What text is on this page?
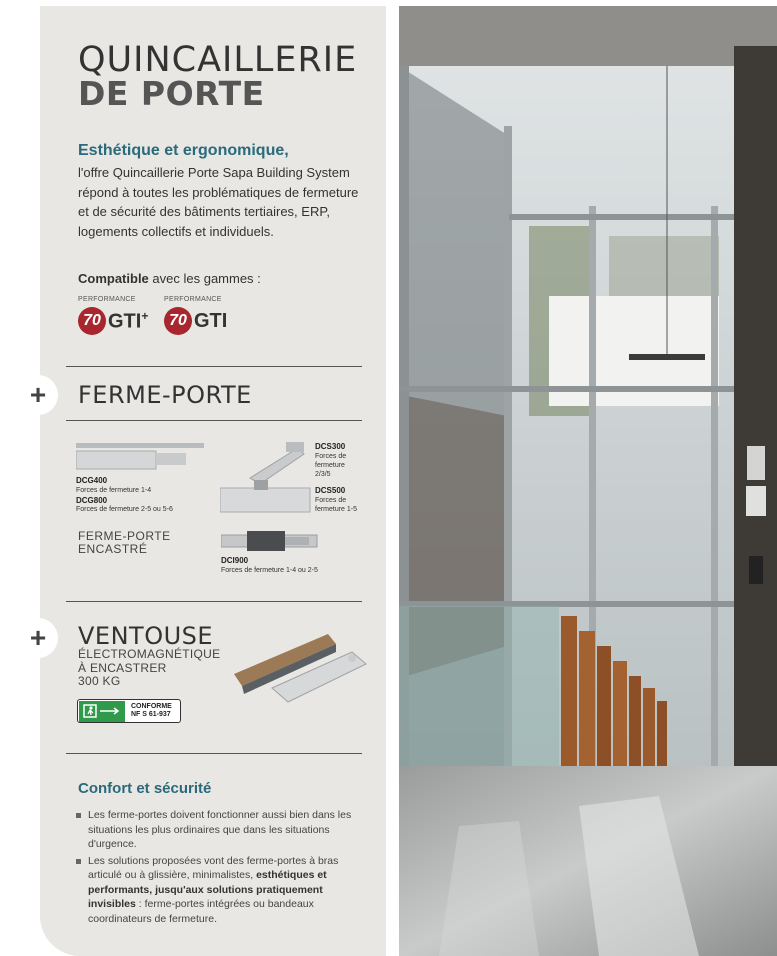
QUINCAILLERIE
DE PORTE
Esthétique et ergonomique,
l'offre Quincaillerie Porte Sapa Building System répond à toutes les problématiques de fermeture et de sécurité des bâtiments tertiaires, ERP, logements collectifs et individuels.
Compatible avec les gammes :
PERFORMANCE
70 GTI+
PERFORMANCE
70 GTI
+	FERME-PORTE
DCG400
Forces de fermeture 1-4
DCG800
Forces de fermeture 2-5 ou 5-6
DCS300
Forces de fermeture 2/3/5
DCS500
Forces de fermeture 1-5
FERME-PORTE ENCASTRÉ
DCI900
Forces de fermeture 1-4 ou 2-5
+	VENTOUSE
ÉLECTROMAGNÉTIQUE
À ENCASTRER
300 KG
CONFORME
NF S 61-937
Confort et sécurité
Les ferme-portes doivent fonctionner aussi bien dans les situations les plus ordinaires que dans les situations d'urgence.
Les solutions proposées vont des ferme-portes à bras articulé ou à glissière, minimalistes, esthétiques et performants, jusqu'aux solutions pratiquement invisibles : ferme-portes intégrées ou bandeaux coordinateurs de fermeture.
